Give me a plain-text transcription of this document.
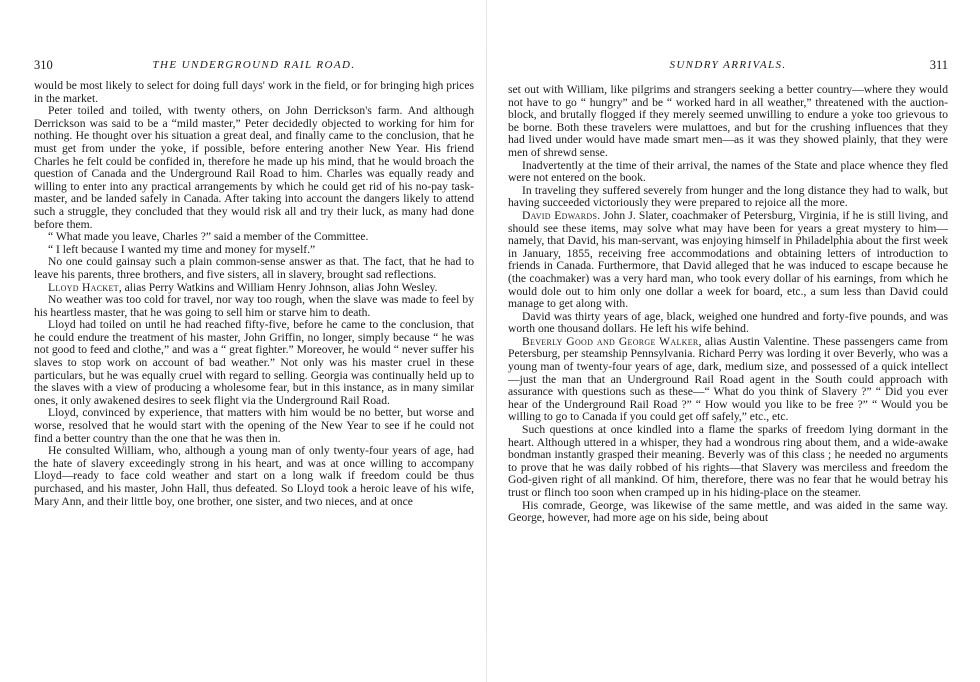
310	THE UNDERGROUND RAIL ROAD.

would be most likely to select for doing full days' work in the field, or for bringing high prices in the market.

Peter toiled and toiled, with twenty others, on John Derrickson's farm. And although Derrickson was said to be a “mild master,” Peter decidedly objected to working for him for nothing. He thought over his situation a great deal, and finally came to the conclusion, that he must get from under the yoke, if possible, before entering another New Year. His friend Charles he felt could be confided in, therefore he made up his mind, that he would broach the question of Canada and the Underground Rail Road to him. Charles was equally ready and willing to enter into any practical arrangements by which he could get rid of his no-pay task-master, and be landed safely in Canada. After taking into account the dangers likely to attend such a struggle, they concluded that they would risk all and try their luck, as many had done before them.

“ What made you leave, Charles ?” said a member of the Committee.

“ I left because I wanted my time and money for myself.”

No one could gainsay such a plain common-sense answer as that. The fact, that he had to leave his parents, three brothers, and five sisters, all in slavery, brought sad reflections.

Lloyd Hacket, alias Perry Watkins and William Henry Johnson, alias John Wesley.

No weather was too cold for travel, nor way too rough, when the slave was made to feel by his heartless master, that he was going to sell him or starve him to death.

Lloyd had toiled on until he had reached fifty-five, before he came to the conclusion, that he could endure the treatment of his master, John Griffin, no longer, simply because “ he was not good to feed and clothe,” and was a “ great fighter.” Moreover, he would “ never suffer his slaves to stop work on account of bad weather.” Not only was his master cruel in these particulars, but he was equally cruel with regard to selling. Georgia was continually held up to the slaves with a view of producing a wholesome fear, but in this instance, as in many similar ones, it only awakened desires to seek flight via the Underground Rail Road.

Lloyd, convinced by experience, that matters with him would be no better, but worse and worse, resolved that he would start with the opening of the New Year to see if he could not find a better country than the one that he was then in.

He consulted William, who, although a young man of only twenty-four years of age, had the hate of slavery exceedingly strong in his heart, and was at once willing to accompany Lloyd—ready to face cold weather and start on a long walk if freedom could be thus purchased, and his master, John Hall, thus defeated. So Lloyd took a heroic leave of his wife, Mary Ann, and their little boy, one brother, one sister, and two nieces, and at once

SUNDRY ARRIVALS.	311

set out with William, like pilgrims and strangers seeking a better country—where they would not have to go “ hungry” and be “ worked hard in all weather,” threatened with the auction-block, and brutally flogged if they merely seemed unwilling to endure a yoke too grievous to be borne. Both these travelers were mulattoes, and but for the crushing influences that they had lived under would have made smart men—as it was they showed plainly, that they were men of shrewd sense.

Inadvertently at the time of their arrival, the names of the State and place whence they fled were not entered on the book.

In traveling they suffered severely from hunger and the long distance they had to walk, but having succeeded victoriously they were prepared to rejoice all the more.

David Edwards. John J. Slater, coachmaker of Petersburg, Virginia, if he is still living, and should see these items, may solve what may have been for years a great mystery to him—namely, that David, his man-servant, was enjoying himself in Philadelphia about the first week in January, 1855, receiving free accommodations and obtaining letters of introduction to friends in Canada. Furthermore, that David alleged that he was induced to escape because he (the coachmaker) was a very hard man, who took every dollar of his earnings, from which he would dole out to him only one dollar a week for board, etc., a sum less than David could manage to get along with.

David was thirty years of age, black, weighed one hundred and forty-five pounds, and was worth one thousand dollars. He left his wife behind.

Beverly Good and George Walker, alias Austin Valentine. These passengers came from Petersburg, per steamship Pennsylvania. Richard Perry was lording it over Beverly, who was a young man of twenty-four years of age, dark, medium size, and possessed of a quick intellect—just the man that an Underground Rail Road agent in the South could approach with assurance with questions such as these—“ What do you think of Slavery ?” “ Did you ever hear of the Underground Rail Road ?” “ How would you like to be free ?” “ Would you be willing to go to Canada if you could get off safely,” etc., etc.

Such questions at once kindled into a flame the sparks of freedom lying dormant in the heart. Although uttered in a whisper, they had a wondrous ring about them, and a wide-awake bondman instantly grasped their meaning. Beverly was of this class ; he needed no arguments to prove that he was daily robbed of his rights—that Slavery was merciless and freedom the God-given right of all mankind. Of him, therefore, there was no fear that he would betray his trust or flinch too soon when cramped up in his hiding-place on the steamer.

His comrade, George, was likewise of the same mettle, and was aided in the same way. George, however, had more age on his side, being about
